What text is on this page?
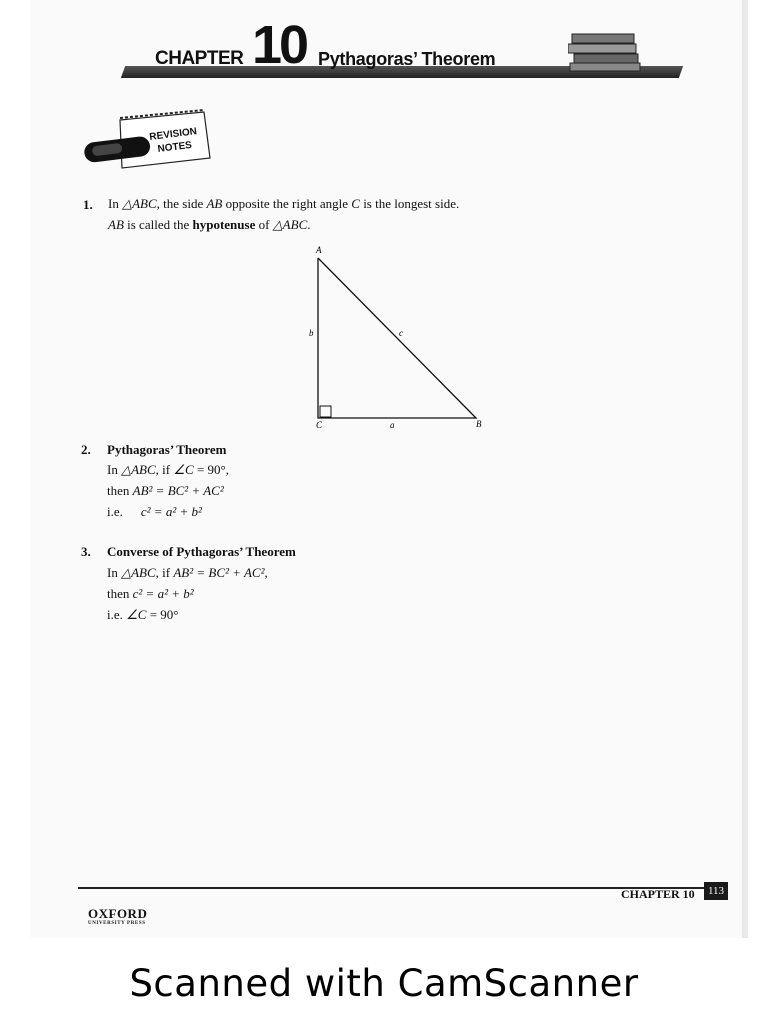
CHAPTER 10 Pythagoras’ Theorem
REVISION
NOTES
1. In △ABC, the side AB opposite the right angle C is the longest side.
AB is called the hypotenuse of △ABC.
A
C	B
b	c
a
2. Pythagoras’ Theorem
In △ABC, if ∠C = 90°,
then AB² = BC² + AC²
i.e. c² = a² + b²
3. Converse of Pythagoras’ Theorem
In △ABC, if AB² = BC² + AC²,
then c² = a² + b²
i.e. ∠C = 90°
CHAPTER 10	113
OXFORD
UNIVERSITY PRESS
Scanned with CamScanner
